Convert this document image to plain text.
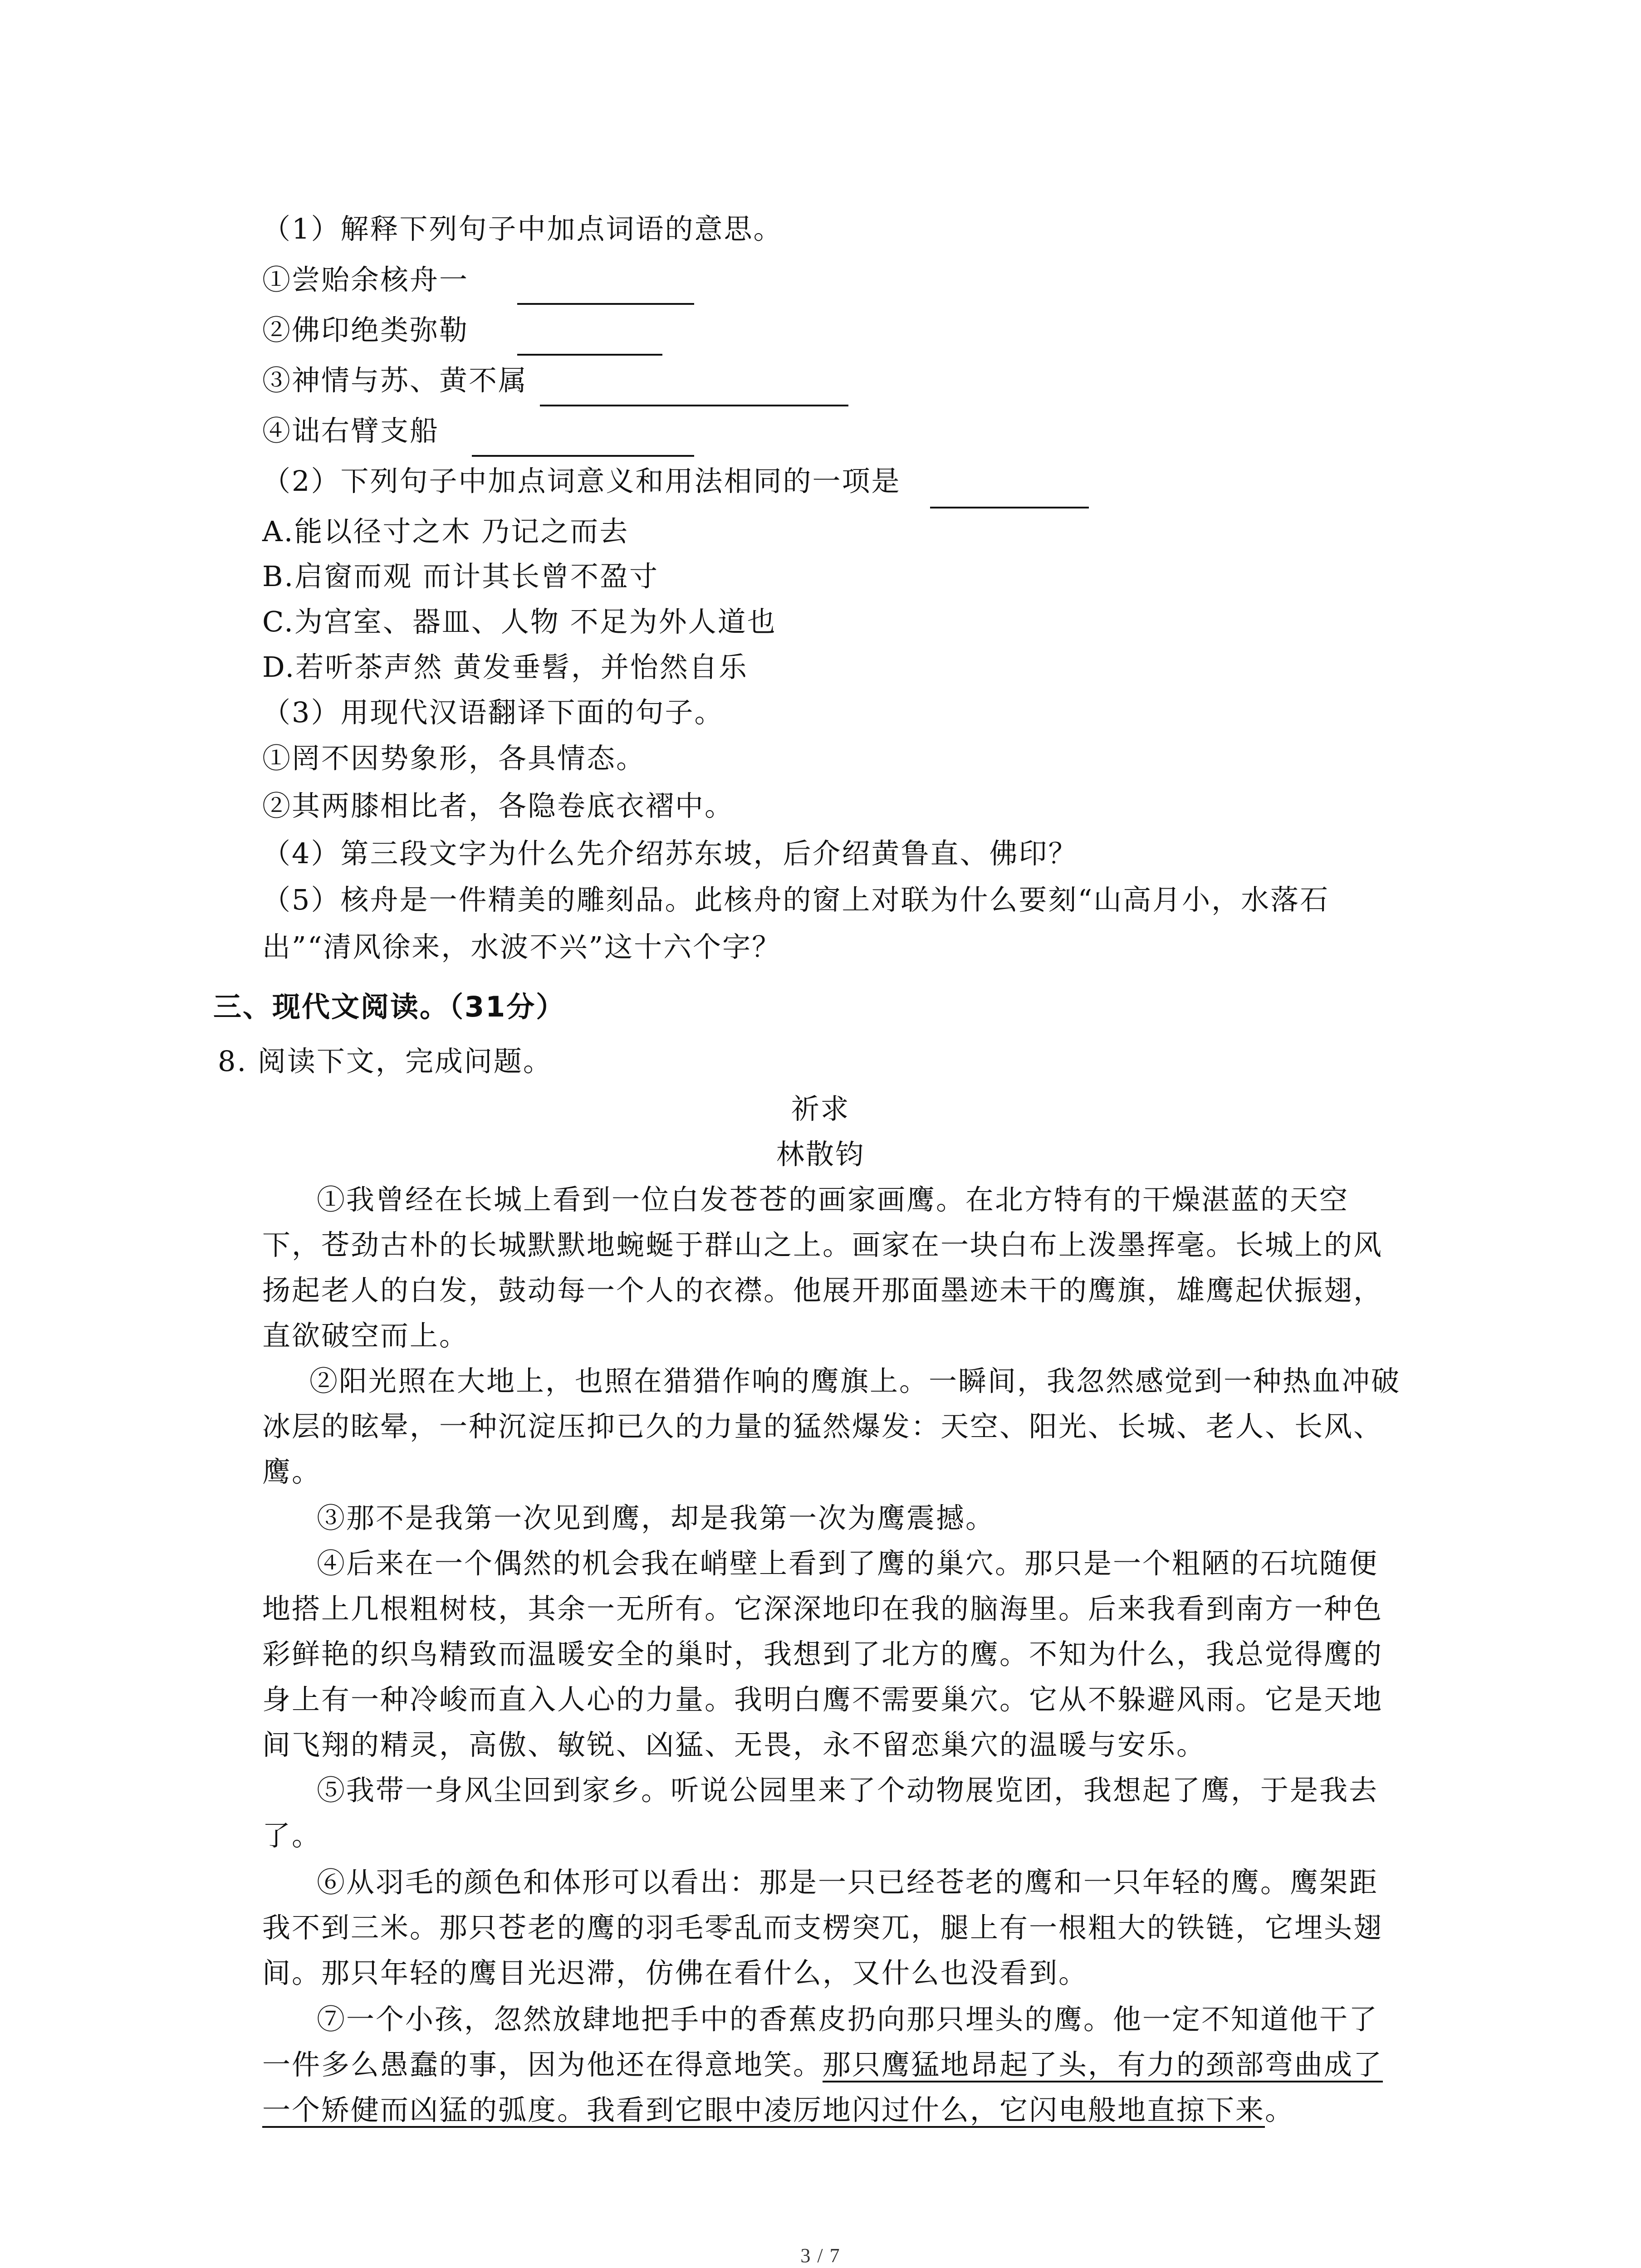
（1）解释下列句子中加点词语的意思。
①尝贻余核舟一
②佛印绝类弥勒
③神情与苏、黄不属
④诎右臂支船
（2）下列句子中加点词意义和用法相同的一项是
A.能以径寸之木 乃记之而去
B.启窗而观 而计其长曾不盈寸
C.为宫室、器皿、人物 不足为外人道也
D.若听茶声然 黄发垂髫，并怡然自乐
（3）用现代汉语翻译下面的句子。
①罔不因势象形，各具情态。
②其两膝相比者，各隐卷底衣褶中。
（4）第三段文字为什么先介绍苏东坡，后介绍黄鲁直、佛印？
（5）核舟是一件精美的雕刻品。此核舟的窗上对联为什么要刻“山高月小，水落石
出”“清风徐来，水波不兴”这十六个字？
三、现代文阅读。（31分）
8. 阅读下文，完成问题。
祈求
林散钧
①我曾经在长城上看到一位白发苍苍的画家画鹰。在北方特有的干燥湛蓝的天空
下，苍劲古朴的长城默默地蜿蜒于群山之上。画家在一块白布上泼墨挥毫。长城上的风
扬起老人的白发，鼓动每一个人的衣襟。他展开那面墨迹未干的鹰旗，雄鹰起伏振翅，
直欲破空而上。
②阳光照在大地上，也照在猎猎作响的鹰旗上。一瞬间，我忽然感觉到一种热血冲破
冰层的眩晕，一种沉淀压抑已久的力量的猛然爆发：天空、阳光、长城、老人、长风、
鹰。
③那不是我第一次见到鹰，却是我第一次为鹰震撼。
④后来在一个偶然的机会我在峭壁上看到了鹰的巢穴。那只是一个粗陋的石坑随便
地搭上几根粗树枝，其余一无所有。它深深地印在我的脑海里。后来我看到南方一种色
彩鲜艳的织鸟精致而温暖安全的巢时，我想到了北方的鹰。不知为什么，我总觉得鹰的
身上有一种冷峻而直入人心的力量。我明白鹰不需要巢穴。它从不躲避风雨。它是天地
间飞翔的精灵，高傲、敏锐、凶猛、无畏，永不留恋巢穴的温暖与安乐。
⑤我带一身风尘回到家乡。听说公园里来了个动物展览团，我想起了鹰，于是我去
了。
⑥从羽毛的颜色和体形可以看出：那是一只已经苍老的鹰和一只年轻的鹰。鹰架距
我不到三米。那只苍老的鹰的羽毛零乱而支楞突兀，腿上有一根粗大的铁链，它埋头翅
间。那只年轻的鹰目光迟滞，仿佛在看什么，又什么也没看到。
⑦一个小孩，忽然放肆地把手中的香蕉皮扔向那只埋头的鹰。他一定不知道他干了
一件多么愚蠢的事，因为他还在得意地笑。那只鹰猛地昂起了头，有力的颈部弯曲成了
一个矫健而凶猛的弧度。我看到它眼中凌厉地闪过什么，它闪电般地直掠下来。
3 / 7
